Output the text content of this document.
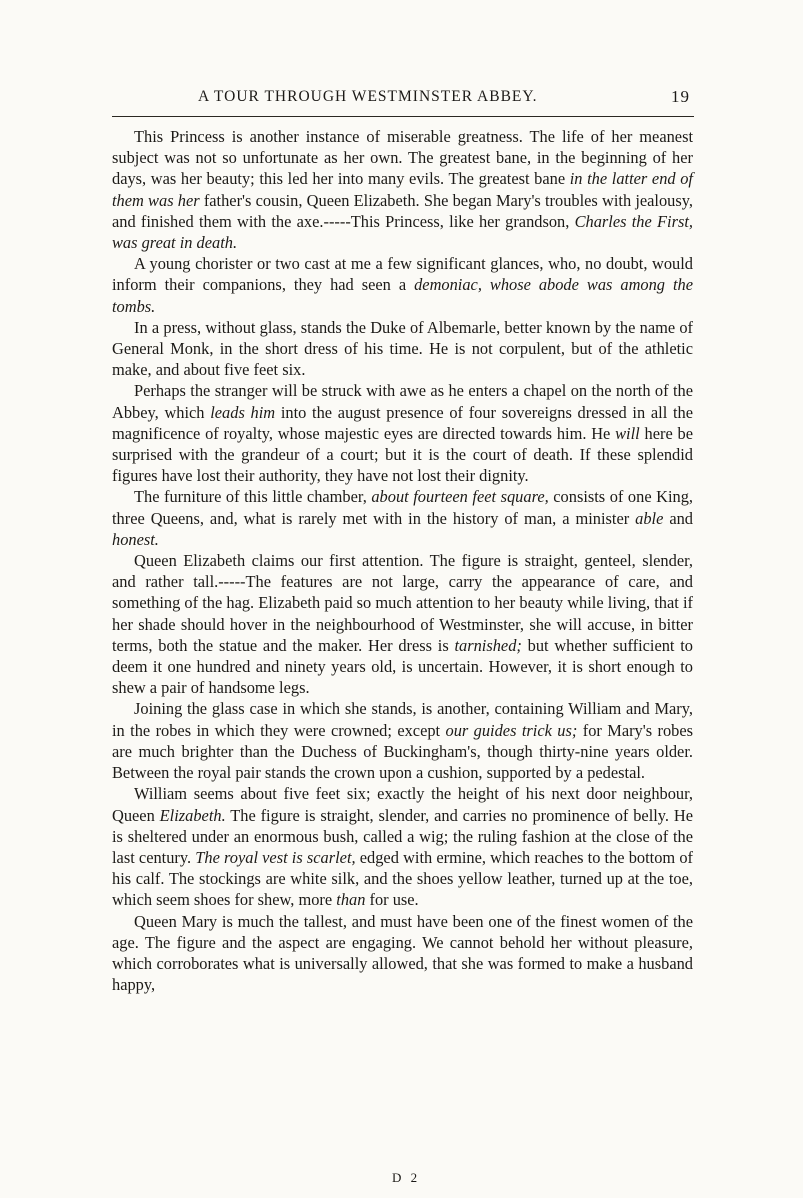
A TOUR THROUGH WESTMINSTER ABBEY.	19

This Princess is another instance of miserable greatness. The life of her meanest subject was not so unfortunate as her own. The greatest bane, in the beginning of her days, was her beauty; this led her into many evils. The greatest bane in the latter end of them was her father's cousin, Queen Elizabeth. She began Mary's troubles with jealousy, and finished them with the axe.-----This Princess, like her grandson, Charles the First, was great in death.

A young chorister or two cast at me a few significant glances, who, no doubt, would inform their companions, they had seen a demoniac, whose abode was among the tombs.

In a press, without glass, stands the Duke of Albemarle, better known by the name of General Monk, in the short dress of his time. He is not corpulent, but of the athletic make, and about five feet six.

Perhaps the stranger will be struck with awe as he enters a chapel on the north of the Abbey, which leads him into the august presence of four sovereigns dressed in all the magnificence of royalty, whose majestic eyes are directed towards him. He will here be surprised with the grandeur of a court; but it is the court of death. If these splendid figures have lost their authority, they have not lost their dignity.

The furniture of this little chamber, about fourteen feet square, consists of one King, three Queens, and, what is rarely met with in the history of man, a minister able and honest.

Queen Elizabeth claims our first attention. The figure is straight, genteel, slender, and rather tall.-----The features are not large, carry the appearance of care, and something of the hag. Elizabeth paid so much attention to her beauty while living, that if her shade should hover in the neighbourhood of Westminster, she will accuse, in bitter terms, both the statue and the maker. Her dress is tarnished; but whether sufficient to deem it one hundred and ninety years old, is uncertain. However, it is short enough to shew a pair of handsome legs.

Joining the glass case in which she stands, is another, containing William and Mary, in the robes in which they were crowned; except our guides trick us; for Mary's robes are much brighter than the Duchess of Buckingham's, though thirty-nine years older. Between the royal pair stands the crown upon a cushion, supported by a pedestal.

William seems about five feet six; exactly the height of his next door neighbour, Queen Elizabeth. The figure is straight, slender, and carries no prominence of belly. He is sheltered under an enormous bush, called a wig; the ruling fashion at the close of the last century. The royal vest is scarlet, edged with ermine, which reaches to the bottom of his calf. The stockings are white silk, and the shoes yellow leather, turned up at the toe, which seem shoes for shew, more than for use.

Queen Mary is much the tallest, and must have been one of the finest women of the age. The figure and the aspect are engaging. We cannot behold her without pleasure, which corroborates what is universally allowed, that she was formed to make a husband happy,

D 2
